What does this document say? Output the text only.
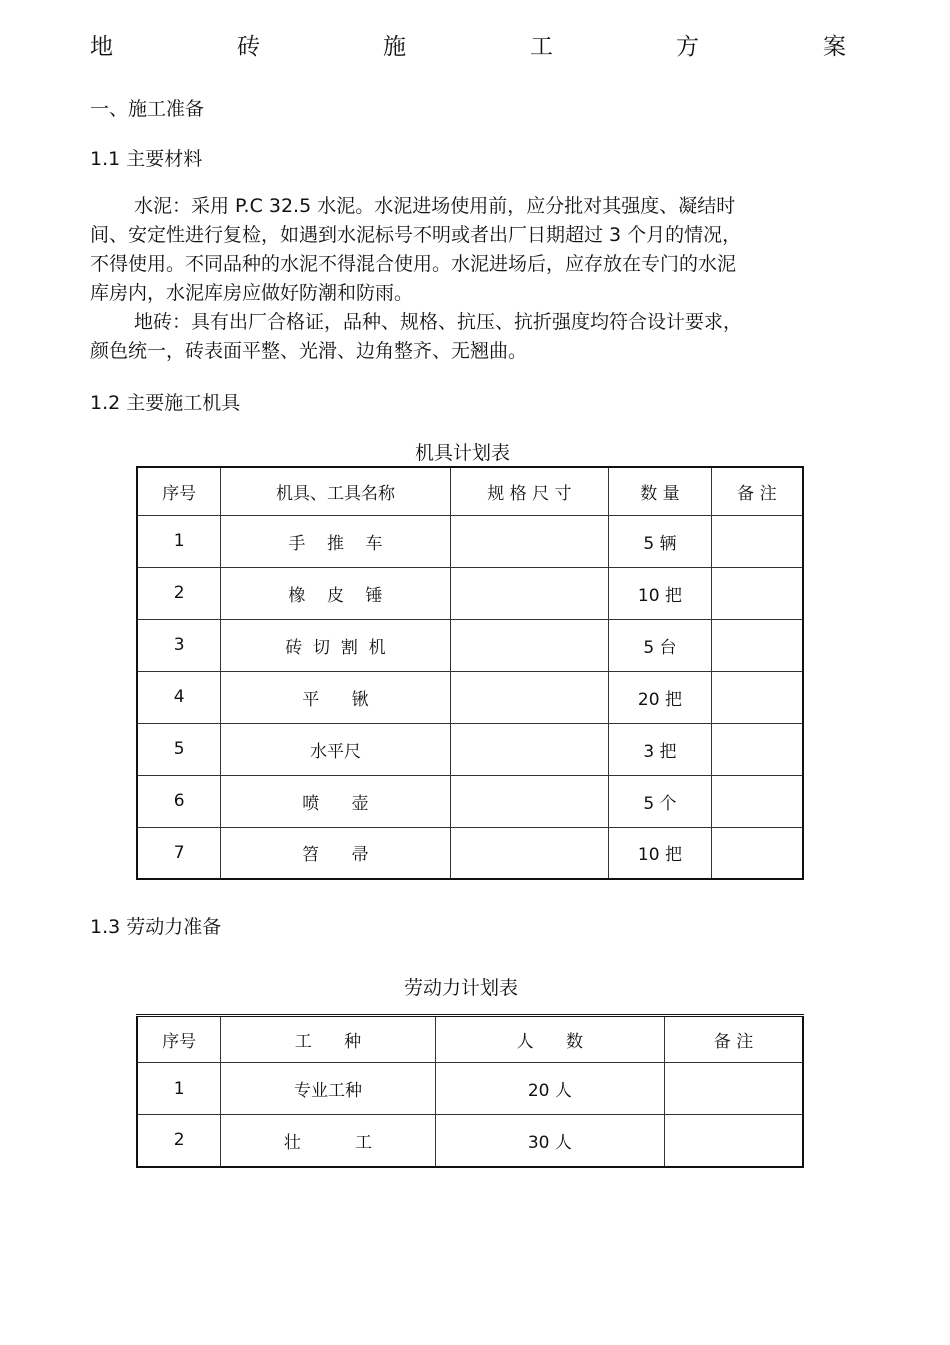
地	砖	施	工	方	案
一、施工准备
1.1 主要材料
水泥：采用 P.C 32.5 水泥。水泥进场使用前，应分批对其强度、凝结时
间、安定性进行复检，如遇到水泥标号不明或者出厂日期超过 3 个月的情况，
不得使用。不同品种的水泥不得混合使用。水泥进场后，应存放在专门的水泥
库房内，水泥库房应做好防潮和防雨。
地砖：具有出厂合格证，品种、规格、抗压、抗折强度均符合设计要求，
颜色统一，砖表面平整、光滑、边角整齐、无翘曲。
1.2 主要施工机具
机具计划表
序号	机具、工具名称	规 格 尺 寸	数 量	备 注
1	手    推    车		5 辆	
2	橡    皮    锤		10 把	
3	砖  切  割  机		5 台	
4	平      锹		20 把	
5	水平尺		3 把	
6	喷      壶		5 个	
7	笤      帚		10 把	
1.3 劳动力准备
劳动力计划表
序号	工      种	人      数	备 注
1	专业工种	20 人	
2	壮          工	30 人	
